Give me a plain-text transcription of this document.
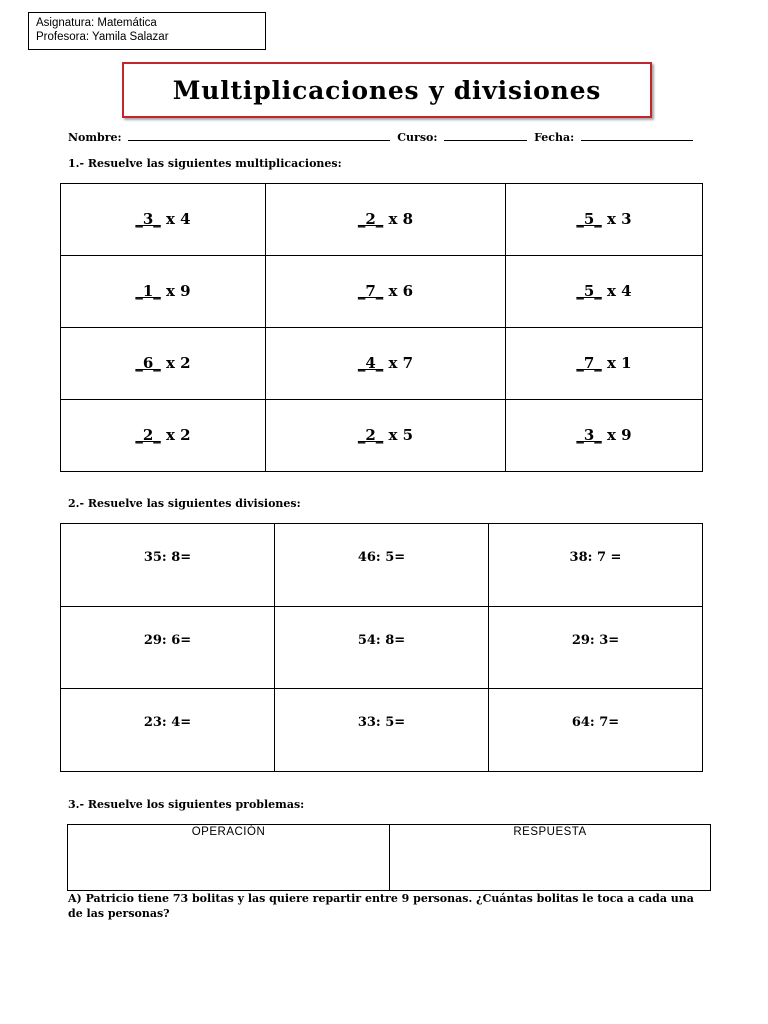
Asignatura: Matemática
Profesora: Yamila Salazar
Multiplicaciones y divisiones
Nombre:	Curso:	Fecha:
1.- Resuelve las siguientes multiplicaciones:
_3_ x 4	_2_ x 8	_5_ x 3
_1_ x 9	_7_ x 6	_5_ x 4
_6_ x 2	_4_ x 7	_7_ x 1
_2_ x 2	_2_ x 5	_3_ x 9
2.- Resuelve las siguientes divisiones:
35: 8=	46: 5=	38: 7 =
29: 6=	54: 8=	29: 3=
23: 4=	33: 5=	64: 7=
3.- Resuelve los siguientes problemas:
OPERACIÓN	RESPUESTA
A) Patricio tiene 73 bolitas y las quiere repartir entre 9 personas. ¿Cuántas bolitas le toca a cada una de las personas?
